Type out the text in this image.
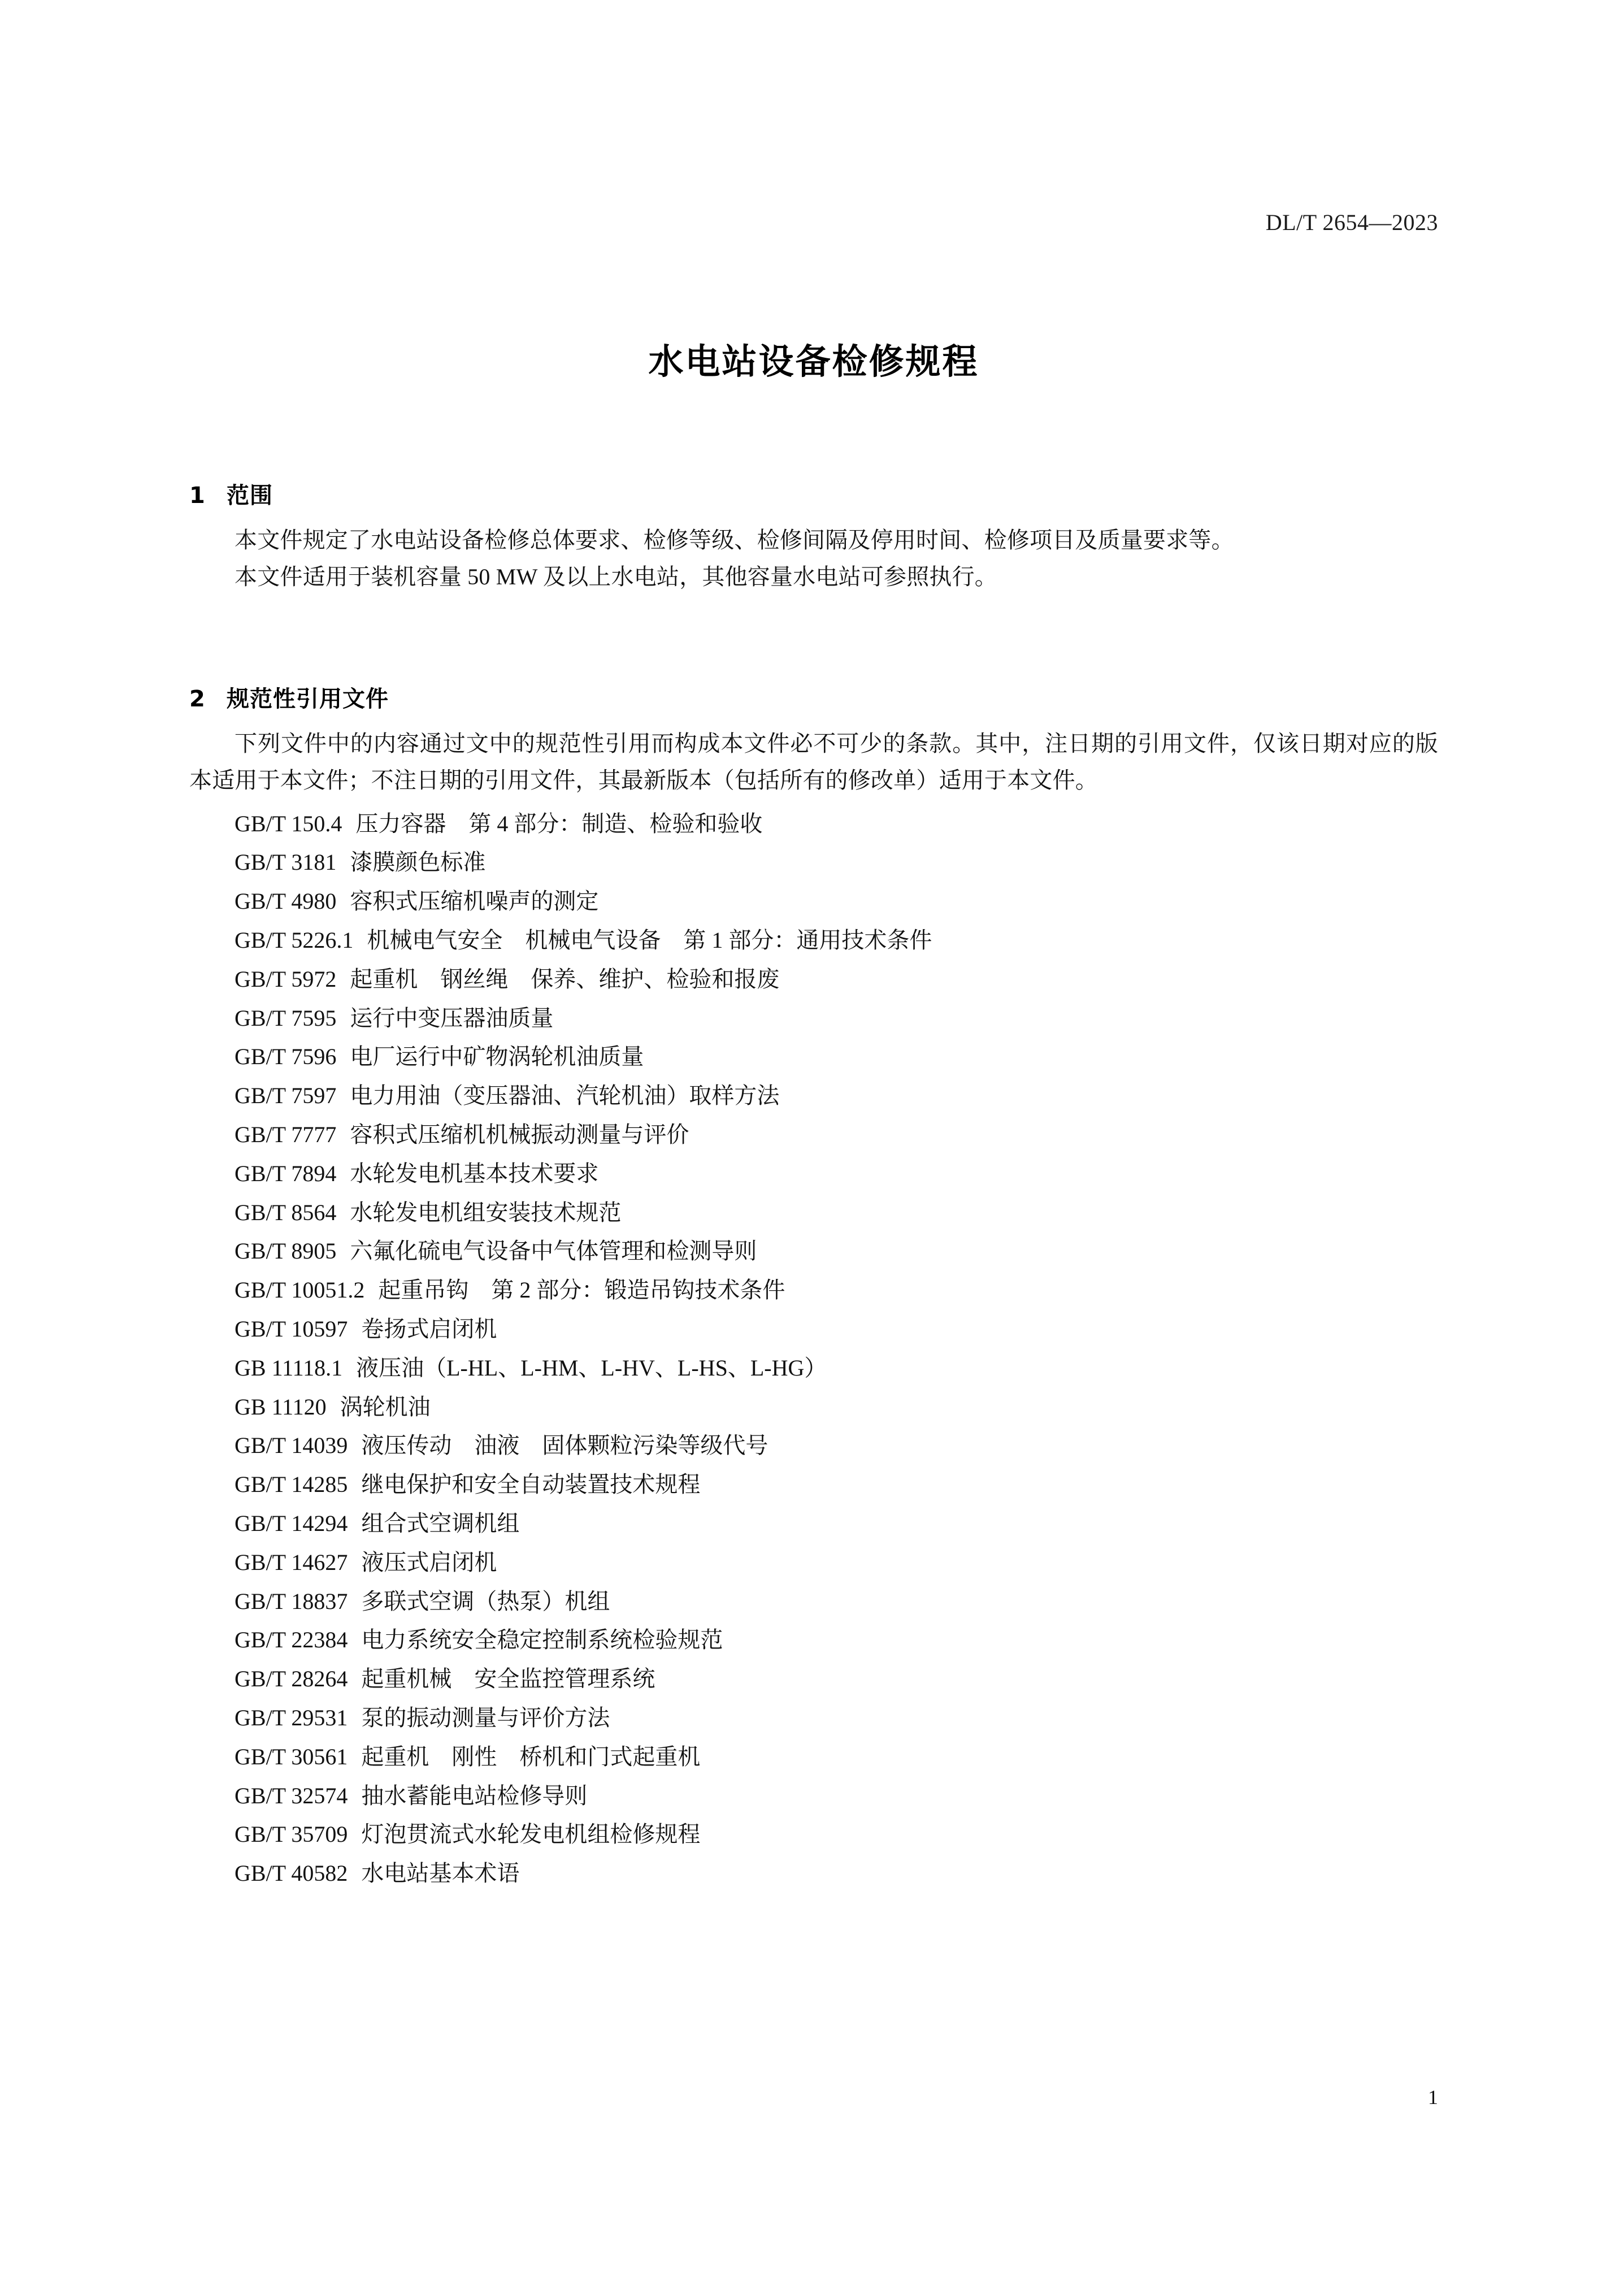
DL/T 2654—2023
水电站设备检修规程
1 范围
本文件规定了水电站设备检修总体要求、检修等级、检修间隔及停用时间、检修项目及质量要求等。
本文件适用于装机容量 50 MW 及以上水电站，其他容量水电站可参照执行。
2 规范性引用文件
下列文件中的内容通过文中的规范性引用而构成本文件必不可少的条款。其中，注日期的引用文件，仅该日期对应的版本适用于本文件；不注日期的引用文件，其最新版本（包括所有的修改单）适用于本文件。
GB/T 150.4 压力容器　第 4 部分：制造、检验和验收
GB/T 3181 漆膜颜色标准
GB/T 4980 容积式压缩机噪声的测定
GB/T 5226.1 机械电气安全　机械电气设备　第 1 部分：通用技术条件
GB/T 5972 起重机　钢丝绳　保养、维护、检验和报废
GB/T 7595 运行中变压器油质量
GB/T 7596 电厂运行中矿物涡轮机油质量
GB/T 7597 电力用油（变压器油、汽轮机油）取样方法
GB/T 7777 容积式压缩机机械振动测量与评价
GB/T 7894 水轮发电机基本技术要求
GB/T 8564 水轮发电机组安装技术规范
GB/T 8905 六氟化硫电气设备中气体管理和检测导则
GB/T 10051.2 起重吊钩　第 2 部分：锻造吊钩技术条件
GB/T 10597 卷扬式启闭机
GB 11118.1 液压油（L-HL、L-HM、L-HV、L-HS、L-HG）
GB 11120 涡轮机油
GB/T 14039 液压传动　油液　固体颗粒污染等级代号
GB/T 14285 继电保护和安全自动装置技术规程
GB/T 14294 组合式空调机组
GB/T 14627 液压式启闭机
GB/T 18837 多联式空调（热泵）机组
GB/T 22384 电力系统安全稳定控制系统检验规范
GB/T 28264 起重机械　安全监控管理系统
GB/T 29531 泵的振动测量与评价方法
GB/T 30561 起重机　刚性　桥机和门式起重机
GB/T 32574 抽水蓄能电站检修导则
GB/T 35709 灯泡贯流式水轮发电机组检修规程
GB/T 40582 水电站基本术语
1
